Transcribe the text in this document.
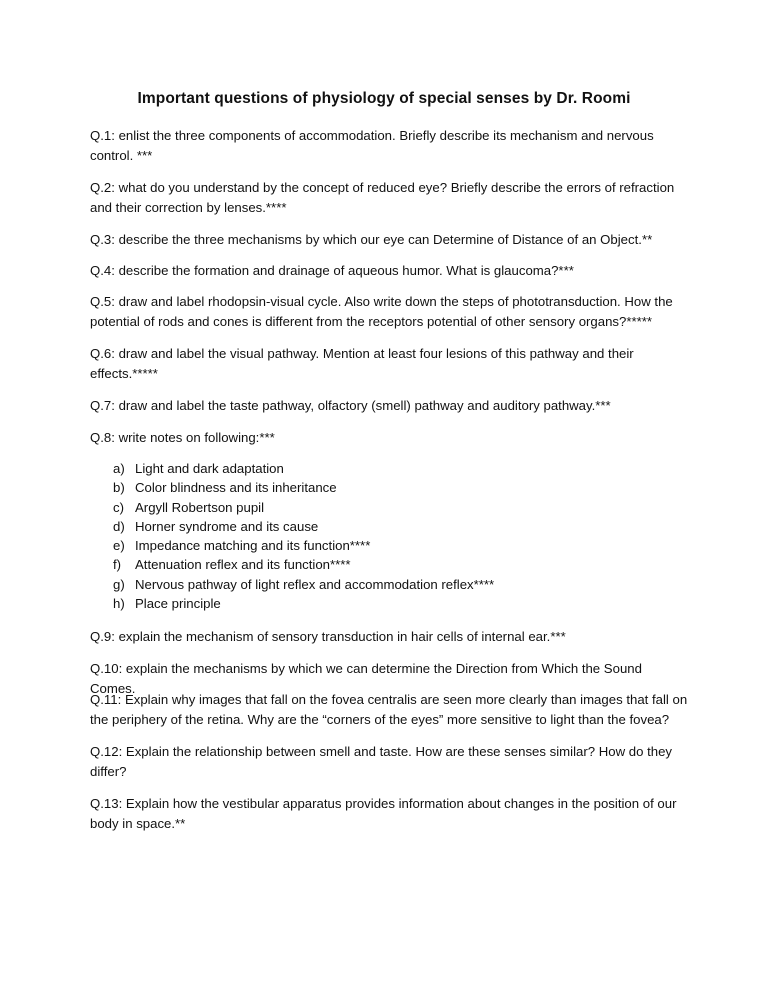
Important questions of physiology of special senses by Dr. Roomi

Q.1: enlist the three components of accommodation. Briefly describe its mechanism and nervous control. ***

Q.2: what do you understand by the concept of reduced eye? Briefly describe the errors of refraction and their correction by lenses.****

Q.3: describe the three mechanisms by which our eye can Determine of Distance of an Object.**

Q.4: describe the formation and drainage of aqueous humor. What is glaucoma?***

Q.5: draw and label rhodopsin-visual cycle. Also write down the steps of phototransduction. How the potential of rods and cones is different from the receptors potential of other sensory organs?*****

Q.6: draw and label the visual pathway. Mention at least four lesions of this pathway and their effects.*****

Q.7: draw and label the taste pathway, olfactory (smell) pathway and auditory pathway.***

Q.8: write notes on following:***

a) Light and dark adaptation
b) Color blindness and its inheritance
c) Argyll Robertson pupil
d) Horner syndrome and its cause
e) Impedance matching and its function****
f)	Attenuation reflex and its function****
g) Nervous pathway of light reflex and accommodation reflex****
h) Place principle

Q.9: explain the mechanism of sensory transduction in hair cells of internal ear.***

Q.10: explain the mechanisms by which we can determine the Direction from Which the Sound Comes.

Q.11: Explain why images that fall on the fovea centralis are seen more clearly than images that fall on the periphery of the retina. Why are the “corners of the eyes” more sensitive to light than the fovea?

Q.12: Explain the relationship between smell and taste. How are these senses similar? How do they differ?

Q.13: Explain how the vestibular apparatus provides information about changes in the position of our body in space.**
